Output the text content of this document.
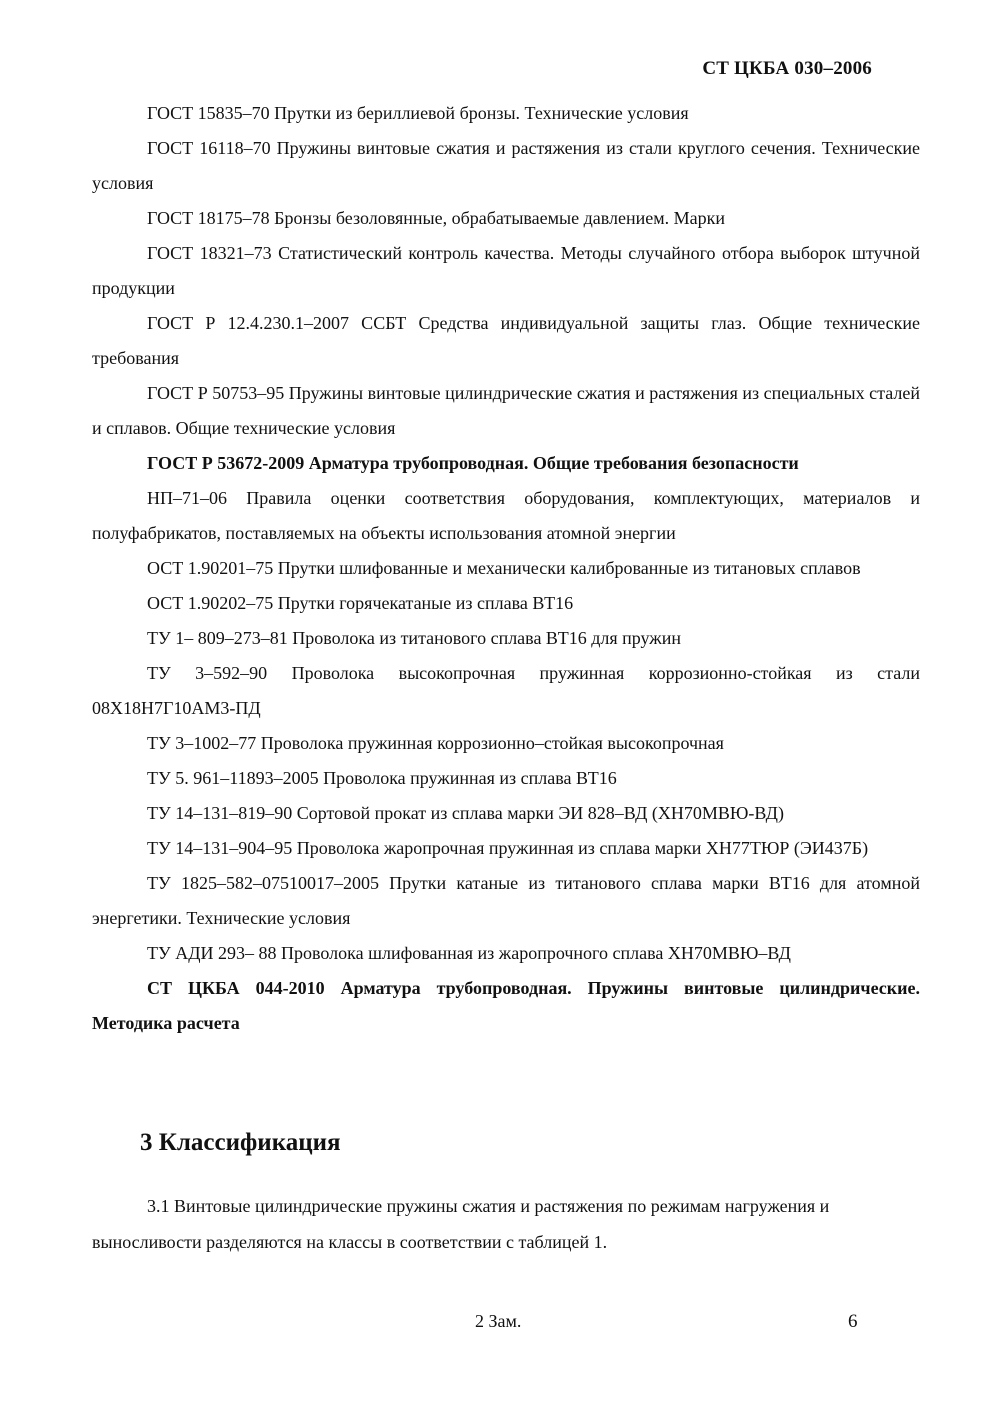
СТ ЦКБА 030–2006

ГОСТ 15835–70 Прутки из бериллиевой бронзы. Технические условия

ГОСТ 16118–70 Пружины винтовые сжатия и растяжения из стали круглого сечения. Технические условия

ГОСТ 18175–78 Бронзы безоловянные, обрабатываемые давлением. Марки

ГОСТ 18321–73 Статистический контроль качества. Методы случайного отбора выборок штучной продукции

ГОСТ Р 12.4.230.1–2007 ССБТ Средства индивидуальной защиты глаз. Общие технические требования

ГОСТ Р 50753–95 Пружины винтовые цилиндрические сжатия и растяжения из специальных сталей и сплавов. Общие технические условия

ГОСТ Р 53672-2009 Арматура трубопроводная. Общие требования безопасности

НП–71–06 Правила оценки соответствия оборудования, комплектующих, материалов и полуфабрикатов, поставляемых на объекты использования атомной энергии

ОСТ 1.90201–75 Прутки шлифованные и механически калиброванные из титановых сплавов

ОСТ 1.90202–75 Прутки горячекатаные из сплава ВТ16

ТУ 1– 809–273–81 Проволока из титанового сплава ВТ16 для пружин

ТУ 3–592–90 Проволока высокопрочная пружинная коррозионно-стойкая из стали 08Х18Н7Г10АМ3-ПД

ТУ 3–1002–77 Проволока пружинная коррозионно–стойкая высокопрочная

ТУ 5. 961–11893–2005 Проволока пружинная из сплава ВТ16

ТУ 14–131–819–90 Сортовой прокат из сплава марки ЭИ 828–ВД (ХН70МВЮ-ВД)

ТУ 14–131–904–95 Проволока жаропрочная пружинная из сплава марки ХН77ТЮР (ЭИ437Б)

ТУ 1825–582–07510017–2005 Прутки катаные из титанового сплава марки ВТ16 для атомной энергетики. Технические условия

ТУ АДИ 293– 88 Проволока шлифованная из жаропрочного сплава ХН70МВЮ–ВД

СТ ЦКБА 044-2010 Арматура трубопроводная. Пружины винтовые цилиндрические. Методика расчета

3 Классификация

3.1 Винтовые цилиндрические пружины сжатия и растяжения по режимам нагружения и выносливости разделяются на классы в соответствии с таблицей 1.

2 Зам.	6
